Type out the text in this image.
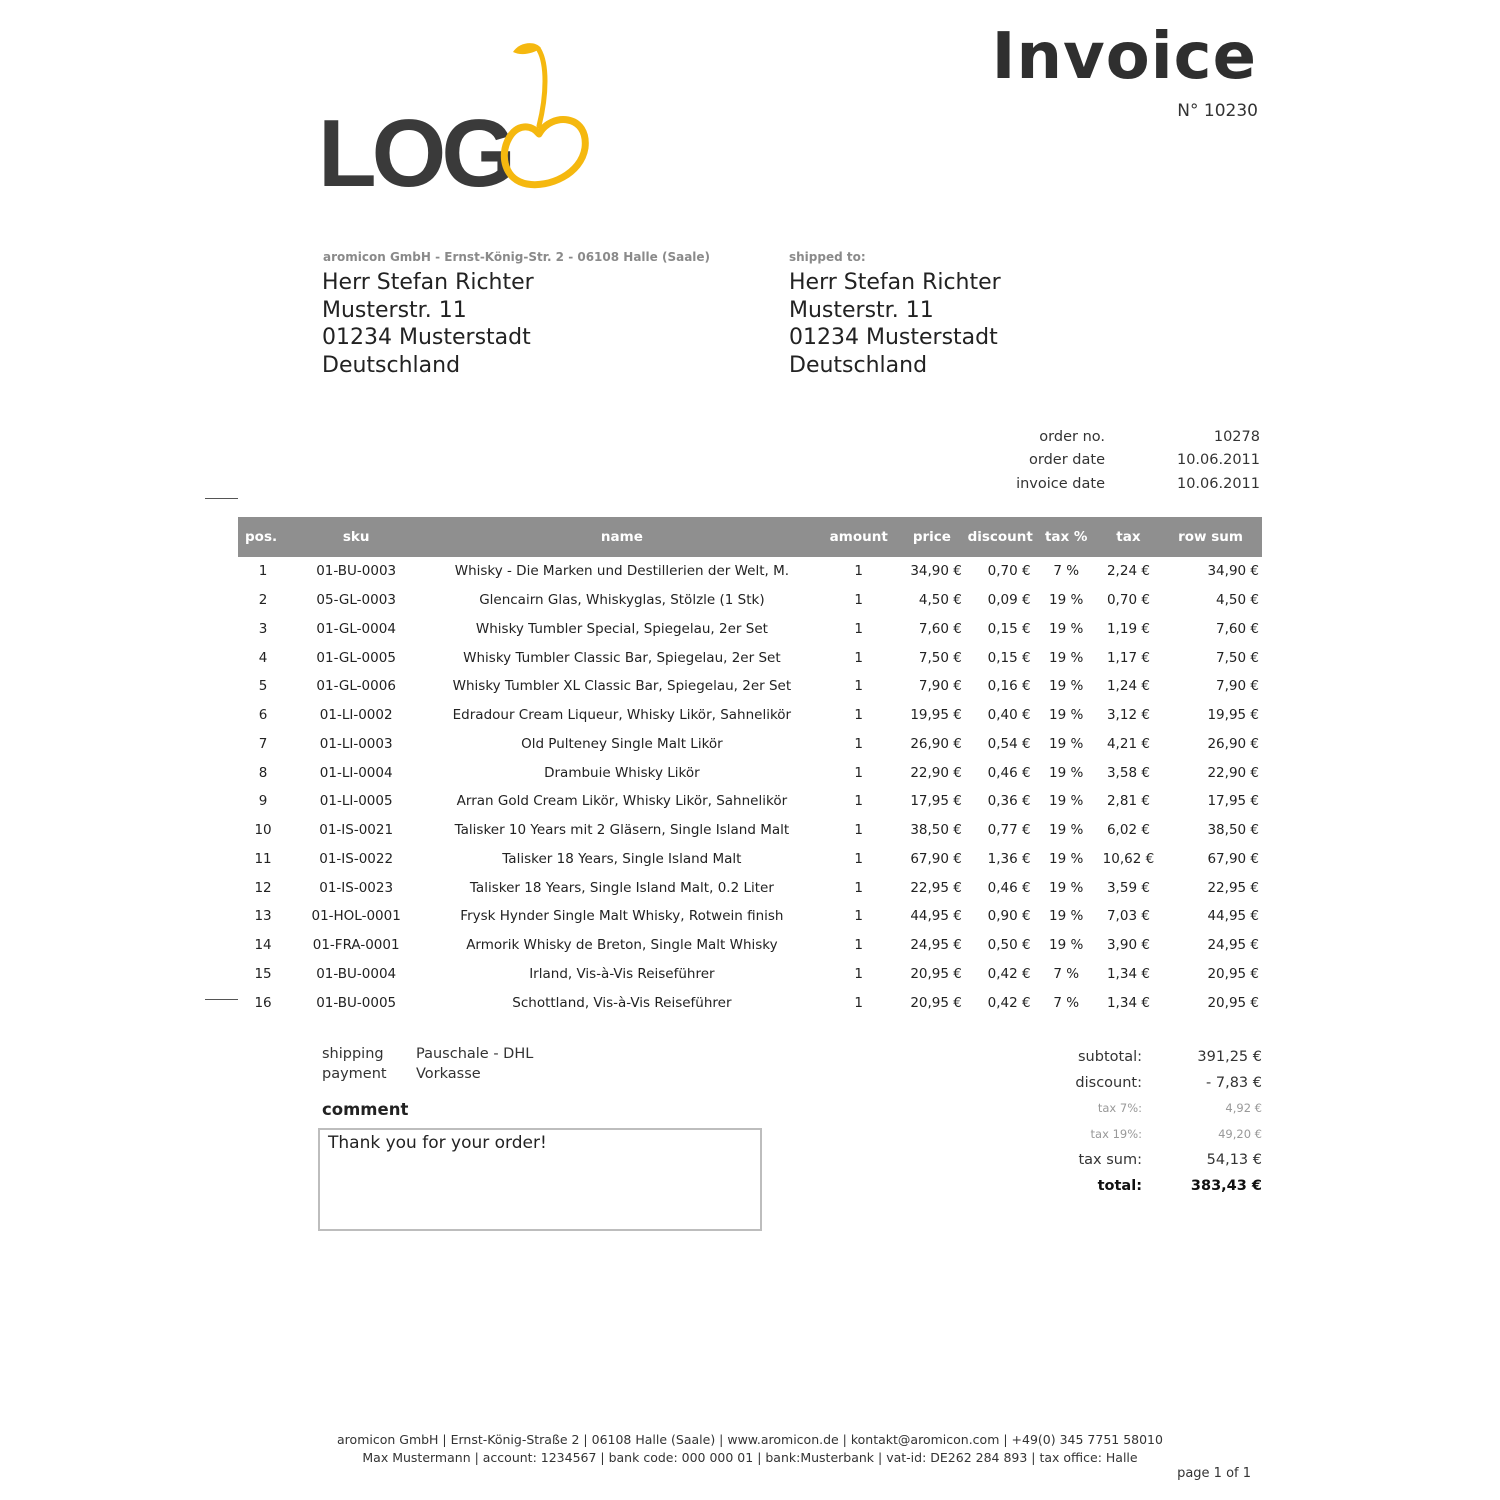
LOG
Invoice
N° 10230
aromicon GmbH - Ernst-König-Str. 2 - 06108 Halle (Saale)	shipped to:
Herr Stefan Richter
Musterstr. 11
01234 Musterstadt
Deutschland
Herr Stefan Richter
Musterstr. 11
01234 Musterstadt
Deutschland
order no.	10278
order date	10.06.2011
invoice date	10.06.2011
pos.	sku	name	amount	price	discount	tax %	tax	row sum
1	01-BU-0003	Whisky - Die Marken und Destillerien der Welt, M.	1	34,90 €	0,70 €	7 %	2,24 €	34,90 €
2	05-GL-0003	Glencairn Glas, Whiskyglas, Stölzle (1 Stk)	1	4,50 €	0,09 €	19 %	0,70 €	4,50 €
3	01-GL-0004	Whisky Tumbler Special, Spiegelau, 2er Set	1	7,60 €	0,15 €	19 %	1,19 €	7,60 €
4	01-GL-0005	Whisky Tumbler Classic Bar, Spiegelau, 2er Set	1	7,50 €	0,15 €	19 %	1,17 €	7,50 €
5	01-GL-0006	Whisky Tumbler XL Classic Bar, Spiegelau, 2er Set	1	7,90 €	0,16 €	19 %	1,24 €	7,90 €
6	01-LI-0002	Edradour Cream Liqueur, Whisky Likör, Sahnelikör	1	19,95 €	0,40 €	19 %	3,12 €	19,95 €
7	01-LI-0003	Old Pulteney Single Malt Likör	1	26,90 €	0,54 €	19 %	4,21 €	26,90 €
8	01-LI-0004	Drambuie Whisky Likör	1	22,90 €	0,46 €	19 %	3,58 €	22,90 €
9	01-LI-0005	Arran Gold Cream Likör, Whisky Likör, Sahnelikör	1	17,95 €	0,36 €	19 %	2,81 €	17,95 €
10	01-IS-0021	Talisker 10 Years mit 2 Gläsern, Single Island Malt	1	38,50 €	0,77 €	19 %	6,02 €	38,50 €
11	01-IS-0022	Talisker 18 Years, Single Island Malt	1	67,90 €	1,36 €	19 %	10,62 €	67,90 €
12	01-IS-0023	Talisker 18 Years, Single Island Malt, 0.2 Liter	1	22,95 €	0,46 €	19 %	3,59 €	22,95 €
13	01-HOL-0001	Frysk Hynder Single Malt Whisky, Rotwein finish	1	44,95 €	0,90 €	19 %	7,03 €	44,95 €
14	01-FRA-0001	Armorik Whisky de Breton, Single Malt Whisky	1	24,95 €	0,50 €	19 %	3,90 €	24,95 €
15	01-BU-0004	Irland, Vis-à-Vis Reiseführer	1	20,95 €	0,42 €	7 %	1,34 €	20,95 €
16	01-BU-0005	Schottland, Vis-à-Vis Reiseführer	1	20,95 €	0,42 €	7 %	1,34 €	20,95 €
shipping	Pauschale - DHL
payment	Vorkasse
comment
Thank you for your order!
subtotal:	391,25 €
discount:	- 7,83 €
tax 7%:	4,92 €
tax 19%:	49,20 €
tax sum:	54,13 €
total:	383,43 €
aromicon GmbH | Ernst-König-Straße 2 | 06108 Halle (Saale) | www.aromicon.de | kontakt@aromicon.com | +49(0) 345 7751 58010
Max Mustermann | account: 1234567 | bank code: 000 000 01 | bank:Musterbank | vat-id: DE262 284 893 | tax office: Halle
page 1 of 1
